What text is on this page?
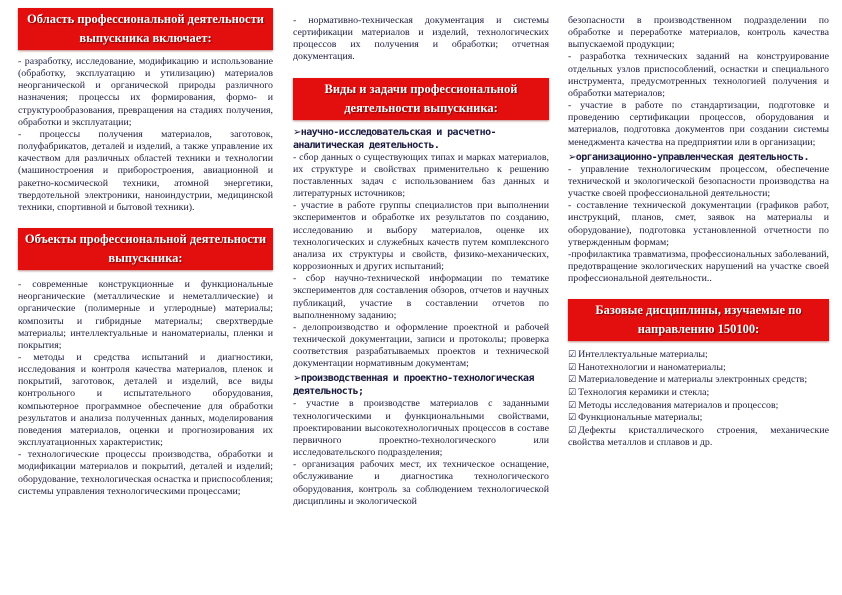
Область профессиональной деятельности выпускника включает:

- разработку, исследование, модификацию и использование (обработку, эксплуатацию и утилизацию) материалов неорганической и органической природы различного назначения; процессы их формирования, формо- и структурообразования, превращения на стадиях получения, обработки и эксплуатации;

- процессы получения материалов, заготовок, полуфабрикатов, деталей и изделий, а также управление их качеством для различных областей техники и технологии (машиностроения и приборостроения, авиационной и ракетно-космической техники, атомной энергетики, твердотельной электроники, наноиндустрии, медицинской техники, спортивной и бытовой техники).

Объекты профессиональной деятельности выпускника:

- современные конструкционные и функциональные неорганические (металлические и неметаллические) и органические (полимерные и углеродные) материалы; композиты и гибридные материалы; сверхтвердые материалы; интеллектуальные и наноматериалы, пленки и покрытия;

- методы и средства испытаний и диагностики, исследования и контроля качества материалов, пленок и покрытий, заготовок, деталей и изделий, все виды контрольного и испытательного оборудования, компьютерное программное обеспечение для обработки результатов и анализа полученных данных, моделирования поведения материалов, оценки и прогнозирования их эксплуатационных характеристик;

- технологические процессы производства, обработки и модификации материалов и покрытий, деталей и изделий; оборудование, технологическая оснастка и приспособления; системы управления технологическими процессами;

- нормативно-техническая документация и системы сертификации материалов и изделий, технологических процессов их получения и обработки; отчетная документация.

Виды и задачи профессиональной деятельности выпускника:
➢научно-исследовательская и расчетно-аналитическая деятельность.

- сбор данных о существующих типах и марках материалов, их структуре и свойствах применительно к решению поставленных задач с использованием баз данных и литературных источников;

- участие в работе группы специалистов при выполнении экспериментов и обработке их результатов по созданию, исследованию и выбору материалов, оценке их технологических и служебных качеств путем комплексного анализа их структуры и свойств, физико-механических, коррозионных и других испытаний;

- сбор научно-технической информации по тематике экспериментов для составления обзоров, отчетов и научных публикаций, участие в составлении отчетов по выполненному заданию;

- делопроизводство и оформление проектной и рабочей технической документации, записи и протоколы; проверка соответствия разрабатываемых проектов и технической документации нормативным документам;

➢производственная и проектно-технологическая деятельность;

- участие в производстве материалов с заданными технологическими и функциональными свойствами, проектировании высокотехнологичных процессов в составе первичного проектно-технологического или исследовательского подразделения;

- организация рабочих мест, их техническое оснащение, обслуживание и диагностика технологического оборудования, контроль за соблюдением технологической дисциплины и экологической

безопасности в производственном подразделении по обработке и переработке материалов, контроль качества выпускаемой продукции;

- разработка технических заданий на конструирование отдельных узлов приспособлений, оснастки и специального инструмента, предусмотренных технологией получения и обработки материалов;

- участие в работе по стандартизации, подготовке и проведению сертификации процессов, оборудования и материалов, подготовка документов при создании системы менеджмента качества на предприятии или в организации;

➢организационно-управленческая деятельность.

- управление технологическим процессом, обеспечение технической и экологической безопасности производства на участке своей профессиональной деятельности;

- составление технической документации (графиков работ, инструкций, планов, смет, заявок на материалы и оборудование), подготовка установленной отчетности по утвержденным формам;

-профилактика травматизма, профессиональных заболеваний, предотвращение экологических нарушений на участке своей профессиональной деятельности..

Базовые дисциплины, изучаемые по направлению 150100:

☑ Интеллектуальные материалы;

☑ Нанотехнологии и наноматериалы;

☑ Материаловедение и материалы электронных средств;

☑ Технология керамики и стекла;

☑ Методы исследования материалов и процессов;

☑ Функциональные материалы;

☑ Дефекты кристаллического строения, механические свойства металлов и сплавов и др.
